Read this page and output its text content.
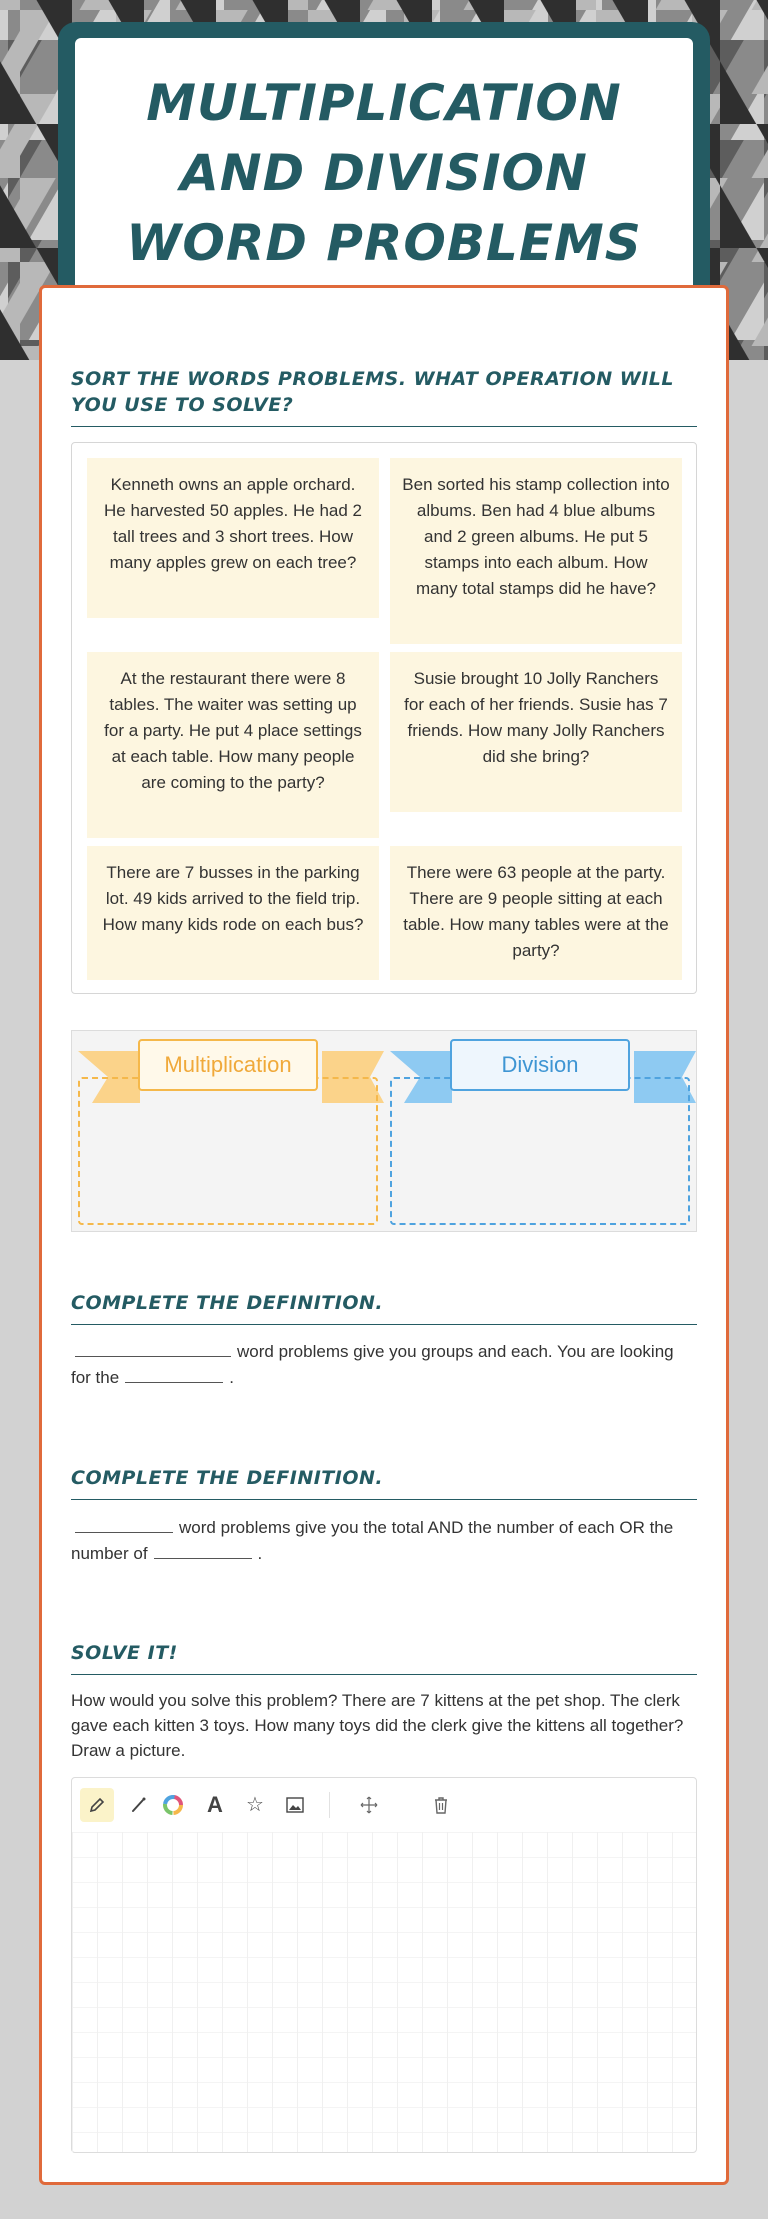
MULTIPLICATION AND DIVISION WORD PROBLEMS
SORT THE WORDS PROBLEMS. WHAT OPERATION WILL YOU USE TO SOLVE?
Kenneth owns an apple orchard. He harvested 50 apples. He had 2 tall trees and 3 short trees. How many apples grew on each tree?
Ben sorted his stamp collection into albums. Ben had 4 blue albums and 2 green albums. He put 5 stamps into each album. How many total stamps did he have?
At the restaurant there were 8 tables. The waiter was setting up for a party. He put 4 place settings at each table. How many people are coming to the party?
Susie brought 10 Jolly Ranchers for each of her friends. Susie has 7 friends. How many Jolly Ranchers did she bring?
There are 7 busses in the parking lot. 49 kids arrived to the field trip. How many kids rode on each bus?
There were 63 people at the party. There are 9 people sitting at each table. How many tables were at the party?
Multiplication	Division
COMPLETE THE DEFINITION.
word problems give you groups and each. You are looking for the	.
COMPLETE THE DEFINITION.
word problems give you the total AND the number of each OR the number of	.
SOLVE IT!
How would you solve this problem? There are 7 kittens at the pet shop. The clerk gave each kitten 3 toys. How many toys did the clerk give the kittens all together? Draw a picture.
A	☆
